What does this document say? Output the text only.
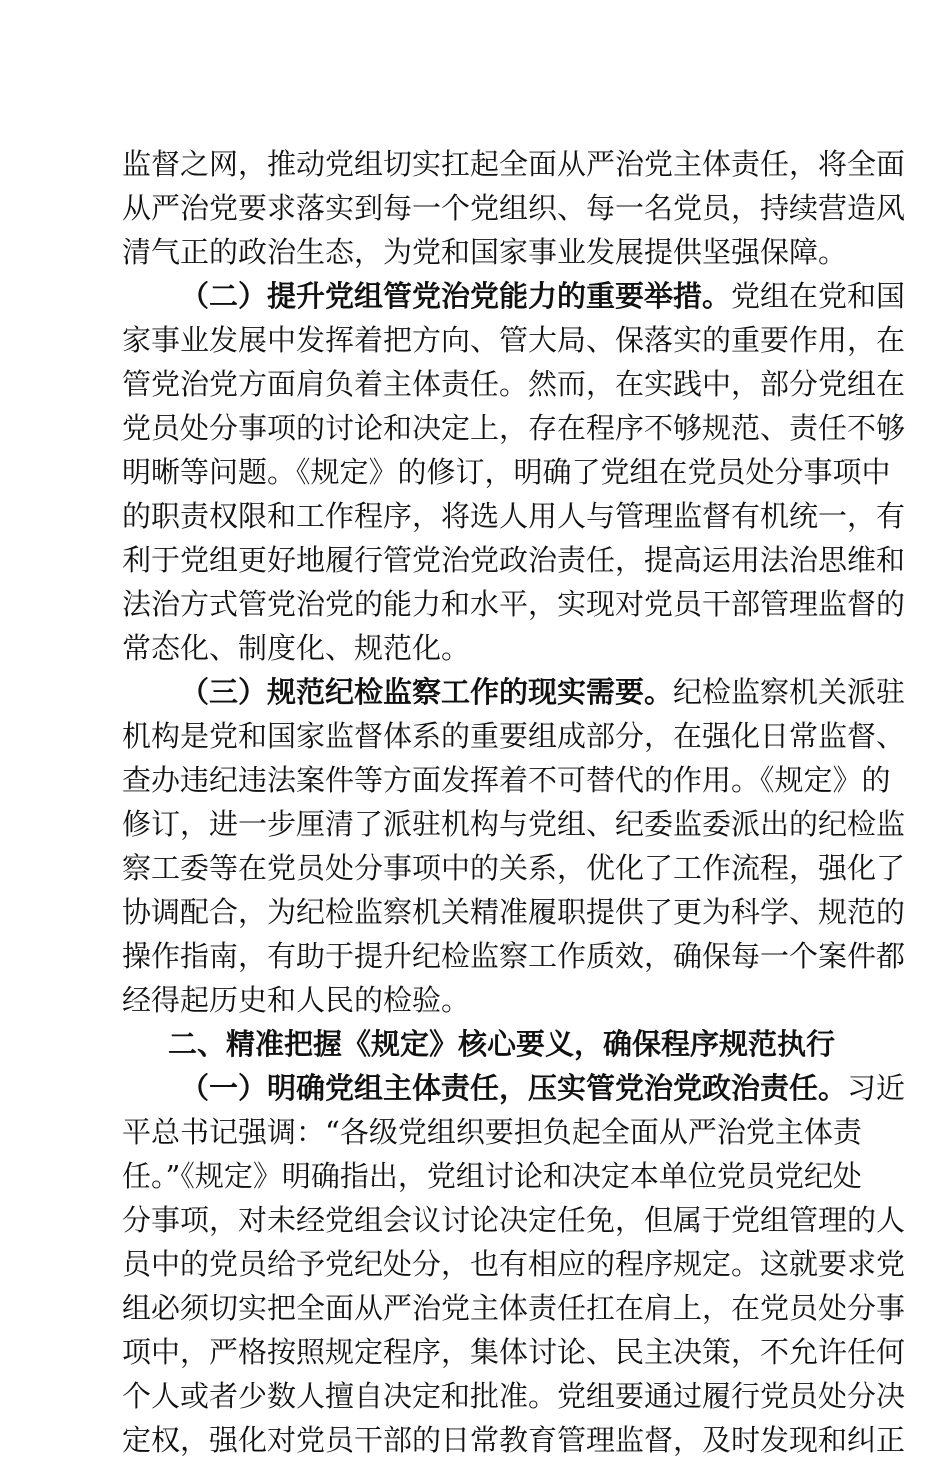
监督之网，推动党组切实扛起全面从严治党主体责任，将全面
从严治党要求落实到每一个党组织、每一名党员，持续营造风
清气正的政治生态，为党和国家事业发展提供坚强保障。
（二）提升党组管党治党能力的重要举措。党组在党和国
家事业发展中发挥着把方向、管大局、保落实的重要作用，在
管党治党方面肩负着主体责任。然而，在实践中，部分党组在
党员处分事项的讨论和决定上，存在程序不够规范、责任不够
明晰等问题。《规定》的修订，明确了党组在党员处分事项中
的职责权限和工作程序，将选人用人与管理监督有机统一，有
利于党组更好地履行管党治党政治责任，提高运用法治思维和
法治方式管党治党的能力和水平，实现对党员干部管理监督的
常态化、制度化、规范化。
（三）规范纪检监察工作的现实需要。纪检监察机关派驻
机构是党和国家监督体系的重要组成部分，在强化日常监督、
查办违纪违法案件等方面发挥着不可替代的作用。《规定》的
修订，进一步厘清了派驻机构与党组、纪委监委派出的纪检监
察工委等在党员处分事项中的关系，优化了工作流程，强化了
协调配合，为纪检监察机关精准履职提供了更为科学、规范的
操作指南，有助于提升纪检监察工作质效，确保每一个案件都
经得起历史和人民的检验。
二、精准把握《规定》核心要义，确保程序规范执行
（一）明确党组主体责任，压实管党治党政治责任。习近
平总书记强调：“各级党组织要担负起全面从严治党主体责
任。”《规定》明确指出，党组讨论和决定本单位党员党纪处
分事项，对未经党组会议讨论决定任免，但属于党组管理的人
员中的党员给予党纪处分，也有相应的程序规定。这就要求党
组必须切实把全面从严治党主体责任扛在肩上，在党员处分事
项中，严格按照规定程序，集体讨论、民主决策，不允许任何
个人或者少数人擅自决定和批准。党组要通过履行党员处分决
定权，强化对党员干部的日常教育管理监督，及时发现和纠正
